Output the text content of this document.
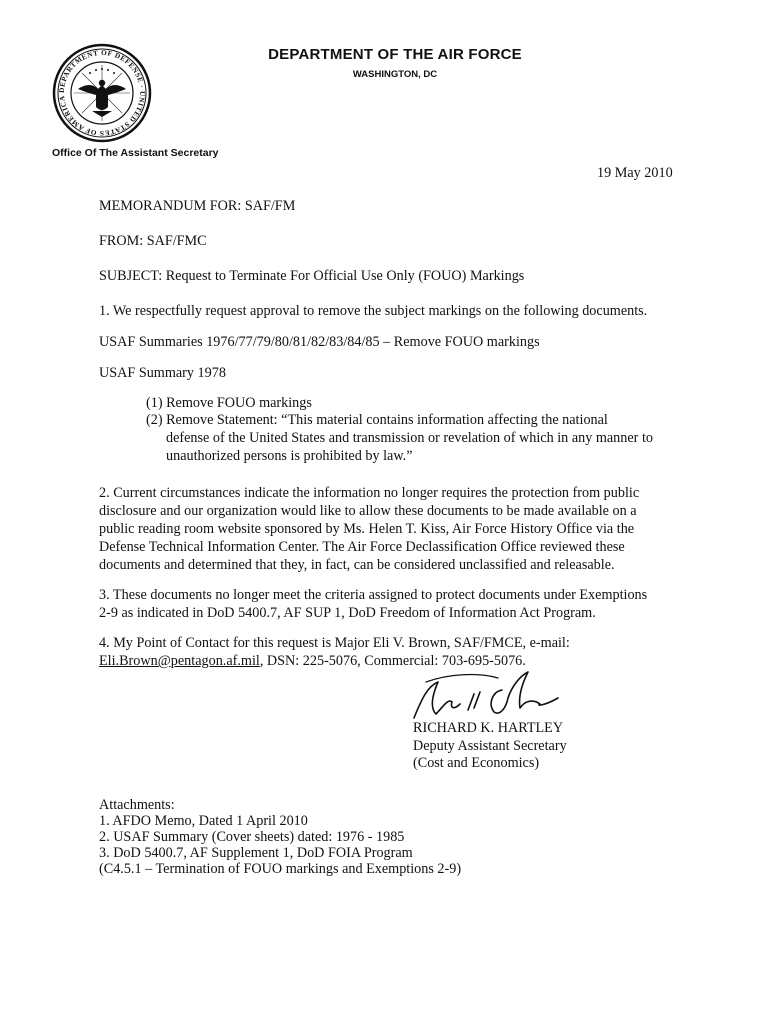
DEPARTMENT OF DEFENSE · UNITED STATES OF AMERICA
DEPARTMENT OF THE AIR FORCE
WASHINGTON, DC
Office Of The Assistant Secretary
19 May 2010
MEMORANDUM FOR: SAF/FM
FROM: SAF/FMC
SUBJECT: Request to Terminate For Official Use Only (FOUO) Markings
1. We respectfully request approval to remove the subject markings on the following documents.
USAF Summaries 1976/77/79/80/81/82/83/84/85 – Remove FOUO markings
USAF Summary 1978
(1) Remove FOUO markings
(2) Remove Statement: “This material contains information affecting the national
defense of the United States and transmission or revelation of which in any manner to
unauthorized persons is prohibited by law.”
2. Current circumstances indicate the information no longer requires the protection from public
disclosure and our organization would like to allow these documents to be made available on a
public reading room website sponsored by Ms. Helen T. Kiss, Air Force History Office via the
Defense Technical Information Center. The Air Force Declassification Office reviewed these
documents and determined that they, in fact, can be considered unclassified and releasable.
3. These documents no longer meet the criteria assigned to protect documents under Exemptions
2-9 as indicated in DoD 5400.7, AF SUP 1, DoD Freedom of Information Act Program.
4. My Point of Contact for this request is Major Eli V. Brown, SAF/FMCE, e-mail:
Eli.Brown@pentagon.af.mil, DSN: 225-5076, Commercial: 703-695-5076.
RICHARD K. HARTLEY
Deputy Assistant Secretary
(Cost and Economics)
Attachments:
1. AFDO Memo, Dated 1 April 2010
2. USAF Summary (Cover sheets) dated: 1976 - 1985
3. DoD 5400.7, AF Supplement 1, DoD FOIA Program
(C4.5.1 – Termination of FOUO markings and Exemptions 2-9)
